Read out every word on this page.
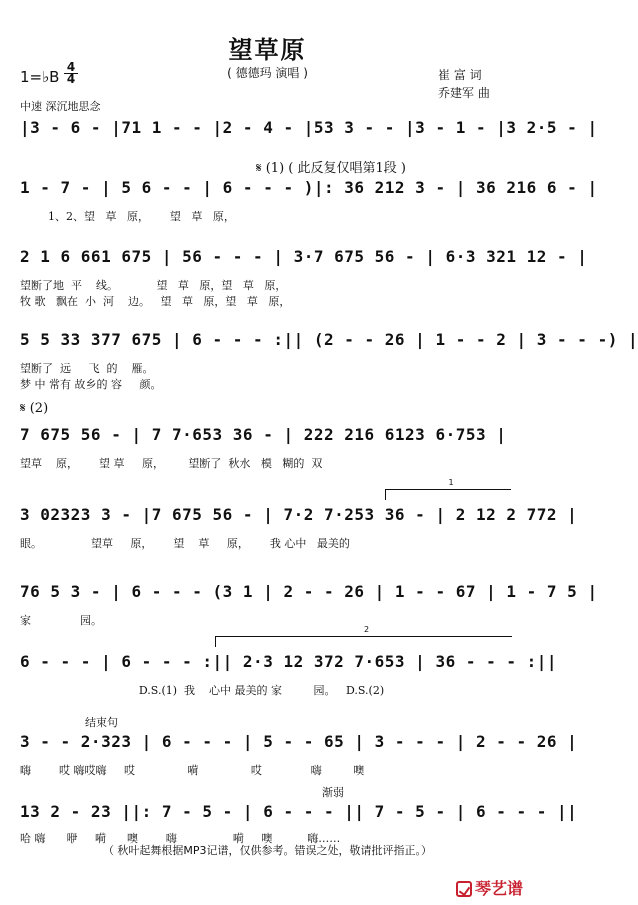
望草原
( 德德玛 演唱 )
1=♭B
4
4	崔 富 词
乔建军 曲
中速 深沉地思念
|3 - 6 - |71 1 - - |2 - 4 - |53 3 - - |3 - 1 - |3 2·5 - |
𝄋 (1) ( 此反复仅唱第1段 )
1 - 7 - | 5 6 - - | 6 - - - )|: 36 212 3 - | 36 216 6 - |
1、2、望   草   原，      望   草   原，
2 1 6 661 675 | 56 - - - | 3·7 675 56 - | 6·3 321 12 - |
望断了地  平    线。           望   草   原，望   草   原，
牧 歌   飘在  小  河    边。   望   草   原，望   草   原，
5 5 33 377 675 | 6 - - - :|| (2 - - 26 | 1 - - 2 | 3 - - -) |
望断了  远     飞  的    雁。
梦 中 常有 故乡的 容     颜。
𝄋 (2)
7 675 56 - | 7 7·653 36 - | 222 216 6123 6·753 |
望草    原，      望 草     原，       望断了  秋水   模   糊的  双
1
3 02323 3 - |7 675 56 - | 7·2 7·253 36 - | 2 12 2 772 |
眼。              望草     原，      望    草     原，      我 心中   最美的
76 5 3 - | 6 - - - (3 1 | 2 - - 26 | 1 - - 67 | 1 - 7 5 |
家              园。
2
6 - - - | 6 - - - :|| 2·3 12 372 7·653 | 36 - - - :||
D.S.(1)  我    心中 最美的 家         园。   D.S.(2)
结束句
3 - - 2·323 | 6 - - - | 5 - - 65 | 3 - - - | 2 - - 26 |
嗨        哎 嗨哎嗨     哎               嗬               哎              嗨         噢
渐弱
13 2 - 23 ||: 7 - 5 - | 6 - - - || 7 - 5 - | 6 - - - ||
哈 嗨      咿     嗬      噢        嗨                嗬     噢          嗨……
（ 秋叶起舞根据MP3记谱，仅供参考。错误之处，敬请批评指正。）
琴艺谱
